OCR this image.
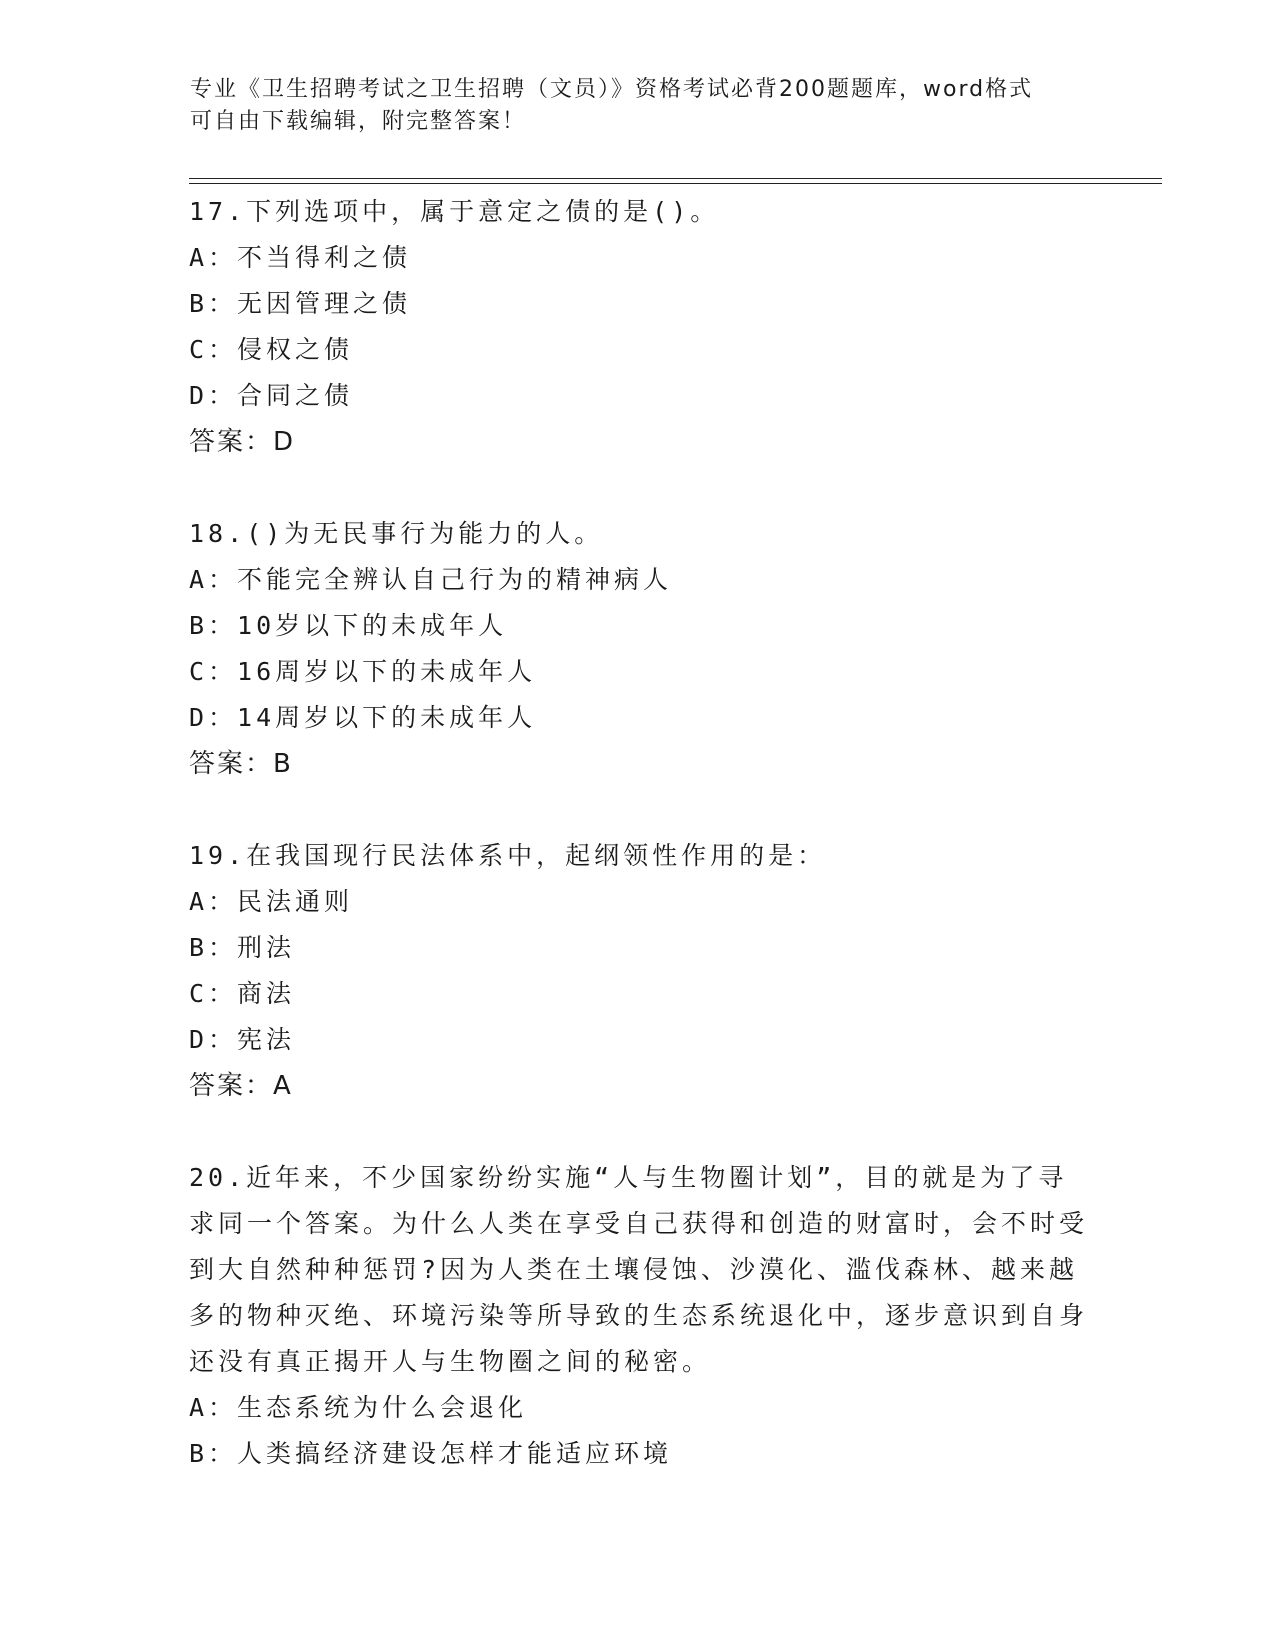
专业《卫生招聘考试之卫生招聘（文员）》资格考试必背200题题库，word格式

可自由下载编辑，附完整答案！

17.下列选项中，属于意定之债的是()。
A：不当得利之债
B：无因管理之债
C：侵权之债
D：合同之债
答案：D
18.()为无民事行为能力的人。
A：不能完全辨认自己行为的精神病人
B：10岁以下的未成年人
C：16周岁以下的未成年人
D：14周岁以下的未成年人
答案：B
19.在我国现行民法体系中，起纲领性作用的是：
A：民法通则
B：刑法
C：商法
D：宪法
答案：A
20.近年来，不少国家纷纷实施“人与生物圈计划”，目的就是为了寻求同一个答案。为什么人类在享受自己获得和创造的财富时，会不时受到大自然种种惩罚?因为人类在土壤侵蚀、沙漠化、滥伐森林、越来越多的物种灭绝、环境污染等所导致的生态系统退化中，逐步意识到自身还没有真正揭开人与生物圈之间的秘密。
A：生态系统为什么会退化
B：人类搞经济建设怎样才能适应环境
